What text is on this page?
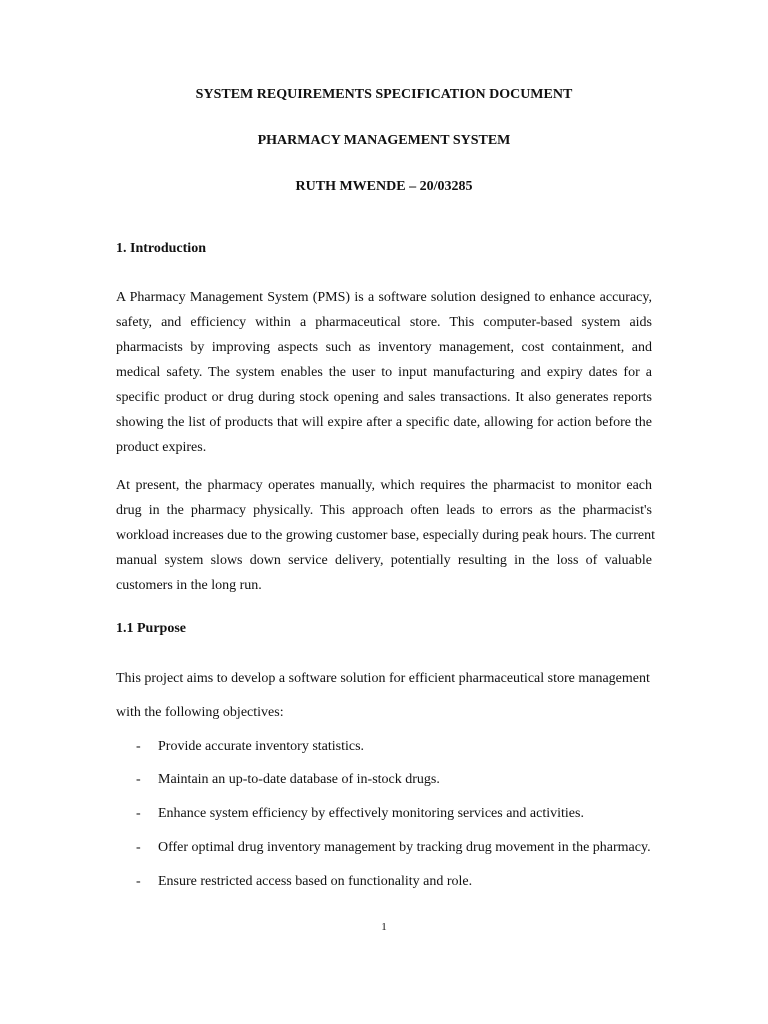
SYSTEM REQUIREMENTS SPECIFICATION DOCUMENT
PHARMACY MANAGEMENT SYSTEM
RUTH MWENDE – 20/03285
1. Introduction
A Pharmacy Management System (PMS) is a software solution designed to enhance accuracy,
safety, and efficiency within a pharmaceutical store. This computer-based system aids
pharmacists by improving aspects such as inventory management, cost containment, and
medical safety. The system enables the user to input manufacturing and expiry dates for a
specific product or drug during stock opening and sales transactions. It also generates reports
showing the list of products that will expire after a specific date, allowing for action before the
product expires.
At present, the pharmacy operates manually, which requires the pharmacist to monitor each
drug in the pharmacy physically. This approach often leads to errors as the pharmacist's
workload increases due to the growing customer base, especially during peak hours. The current
manual system slows down service delivery, potentially resulting in the loss of valuable
customers in the long run.
1.1 Purpose
This project aims to develop a software solution for efficient pharmaceutical store management
with the following objectives:
- Provide accurate inventory statistics.
- Maintain an up-to-date database of in-stock drugs.
- Enhance system efficiency by effectively monitoring services and activities.
- Offer optimal drug inventory management by tracking drug movement in the pharmacy.
- Ensure restricted access based on functionality and role.
1
